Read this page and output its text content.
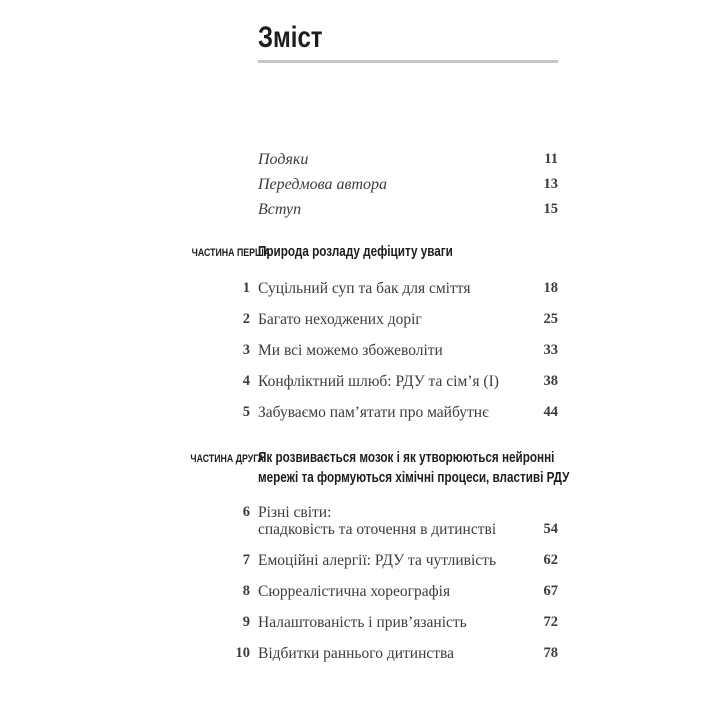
Зміст
Подяки	11
Передмова автора	13
Вступ	15
ЧАСТИНА ПЕРША
Природа розладу дефіциту уваги
1 Суцільний суп та бак для сміття	18
2 Багато неходжених доріг	25
3 Ми всі можемо збожеволіти	33
4 Конфліктний шлюб: РДУ та сім’я (I)	38
5 Забуваємо пам’ятати про майбутнє	44
ЧАСТИНА ДРУГА
Як розвивається мозок і як утворюються нейронні
мережі та формуються хімічні процеси, властиві РДУ
6 Різні світи:
спадковість та оточення в дитинстві	54
7 Емоційні алергії: РДУ та чутливість	62
8 Сюрреалістична хореографія	67
9 Налаштованість і прив’язаність	72
10 Відбитки раннього дитинства	78
